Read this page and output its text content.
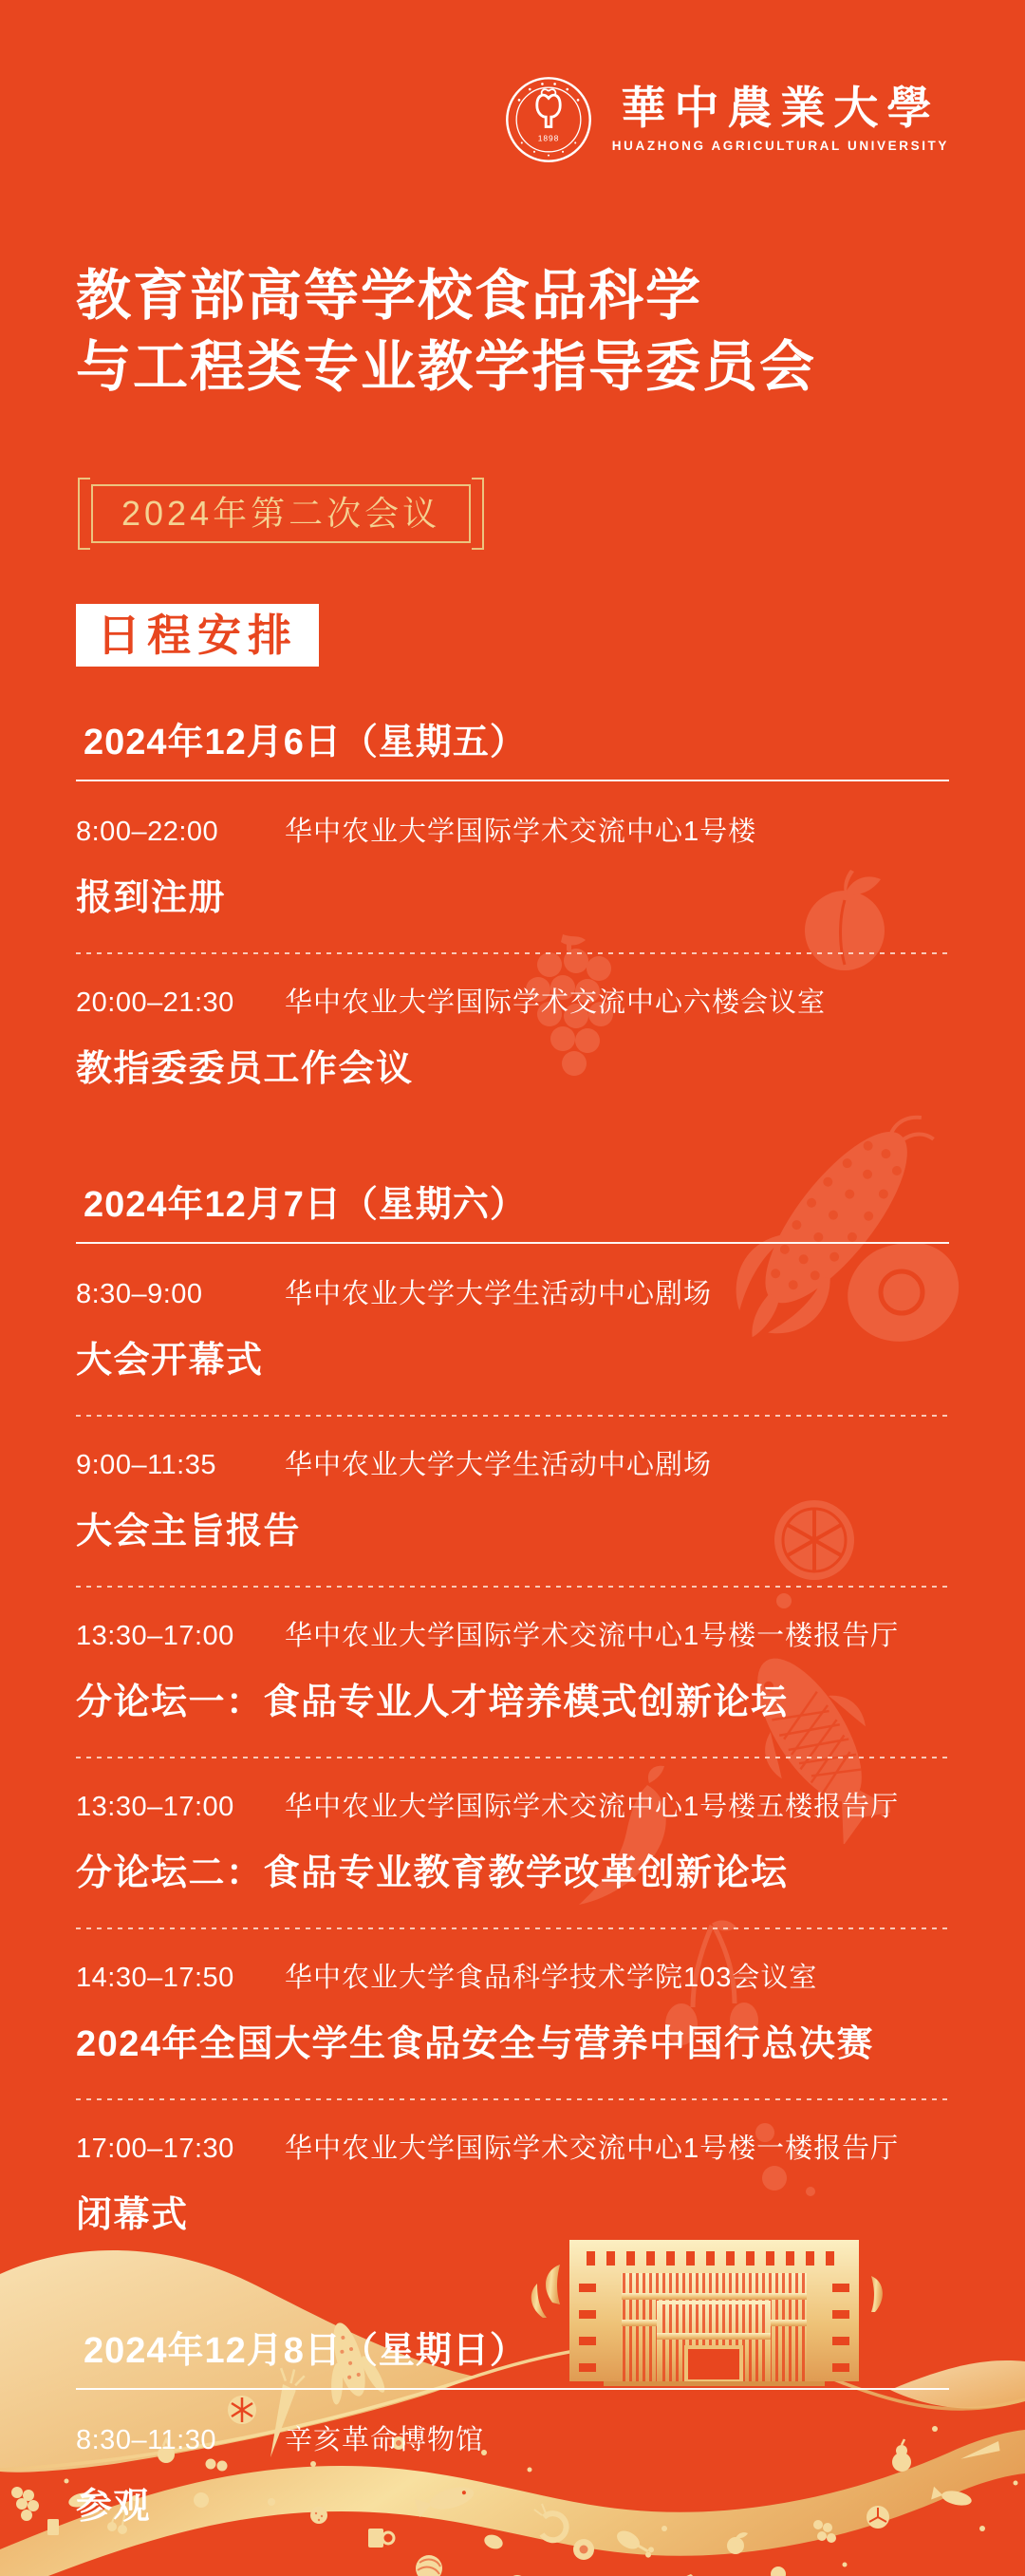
1898
華中農業大學
HUAZHONG AGRICULTURAL UNIVERSITY
教育部高等学校食品科学
与工程类专业教学指导委员会
2024年第二次会议
日程安排
2024年12月6日（星期五）
8:00–22:00	华中农业大学国际学术交流中心1号楼
报到注册
20:00–21:30	华中农业大学国际学术交流中心六楼会议室
教指委委员工作会议
2024年12月7日（星期六）
8:30–9:00	华中农业大学大学生活动中心剧场
大会开幕式
9:00–11:35	华中农业大学大学生活动中心剧场
大会主旨报告
13:30–17:00	华中农业大学国际学术交流中心1号楼一楼报告厅
分论坛一：食品专业人才培养模式创新论坛
13:30–17:00	华中农业大学国际学术交流中心1号楼五楼报告厅
分论坛二：食品专业教育教学改革创新论坛
14:30–17:50	华中农业大学食品科学技术学院103会议室
2024年全国大学生食品安全与营养中国行总决赛
17:00–17:30	华中农业大学国际学术交流中心1号楼一楼报告厅
闭幕式
2024年12月8日（星期日）
8:30–11:30	辛亥革命博物馆
参观
